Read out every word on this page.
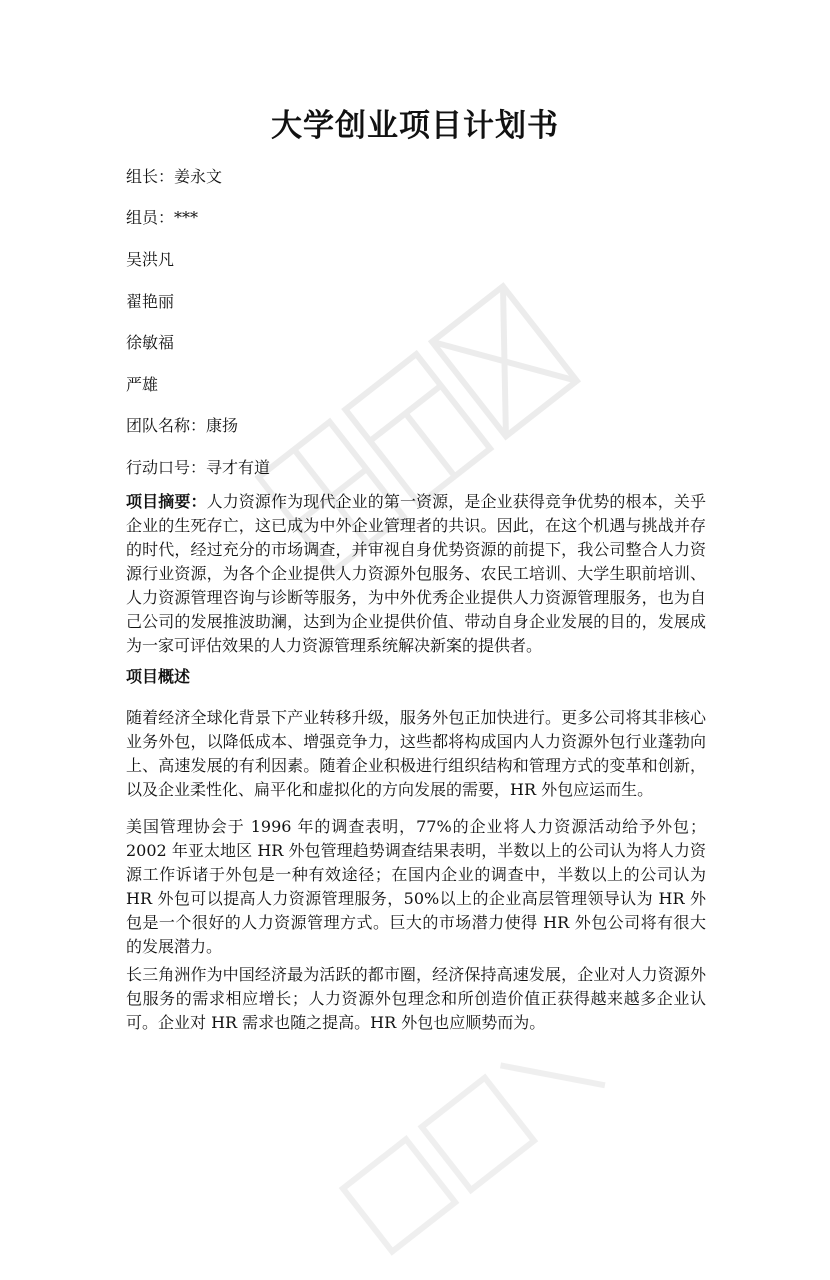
大学创业项目计划书

组长：姜永文

组员：***

吴洪凡

翟艳丽

徐敏福

严雄

团队名称：康扬

行动口号：寻才有道

项目摘要：人力资源作为现代企业的第一资源，是企业获得竞争优势的根本，关乎企业的生死存亡，这已成为中外企业管理者的共识。因此，在这个机遇与挑战并存的时代，经过充分的市场调查，并审视自身优势资源的前提下，我公司整合人力资源行业资源，为各个企业提供人力资源外包服务、农民工培训、大学生职前培训、人力资源管理咨询与诊断等服务，为中外优秀企业提供人力资源管理服务，也为自己公司的发展推波助澜，达到为企业提供价值、带动自身企业发展的目的，发展成为一家可评估效果的人力资源管理系统解决新案的提供者。

项目概述

随着经济全球化背景下产业转移升级，服务外包正加快进行。更多公司将其非核心业务外包，以降低成本、增强竞争力，这些都将构成国内人力资源外包行业蓬勃向上、高速发展的有利因素。随着企业积极进行组织结构和管理方式的变革和创新，以及企业柔性化、扁平化和虚拟化的方向发展的需要，HR 外包应运而生。

美国管理协会于 1996 年的调查表明，77%的企业将人力资源活动给予外包；2002 年亚太地区 HR 外包管理趋势调查结果表明，半数以上的公司认为将人力资源工作诉诸于外包是一种有效途径；在国内企业的调查中，半数以上的公司认为 HR 外包可以提高人力资源管理服务，50%以上的企业高层管理领导认为 HR 外包是一个很好的人力资源管理方式。巨大的市场潜力使得 HR 外包公司将有很大的发展潜力。

长三角洲作为中国经济最为活跃的都市圈，经济保持高速发展，企业对人力资源外包服务的需求相应增长；人力资源外包理念和所创造价值正获得越来越多企业认可。企业对 HR 需求也随之提高。HR 外包也应顺势而为。
